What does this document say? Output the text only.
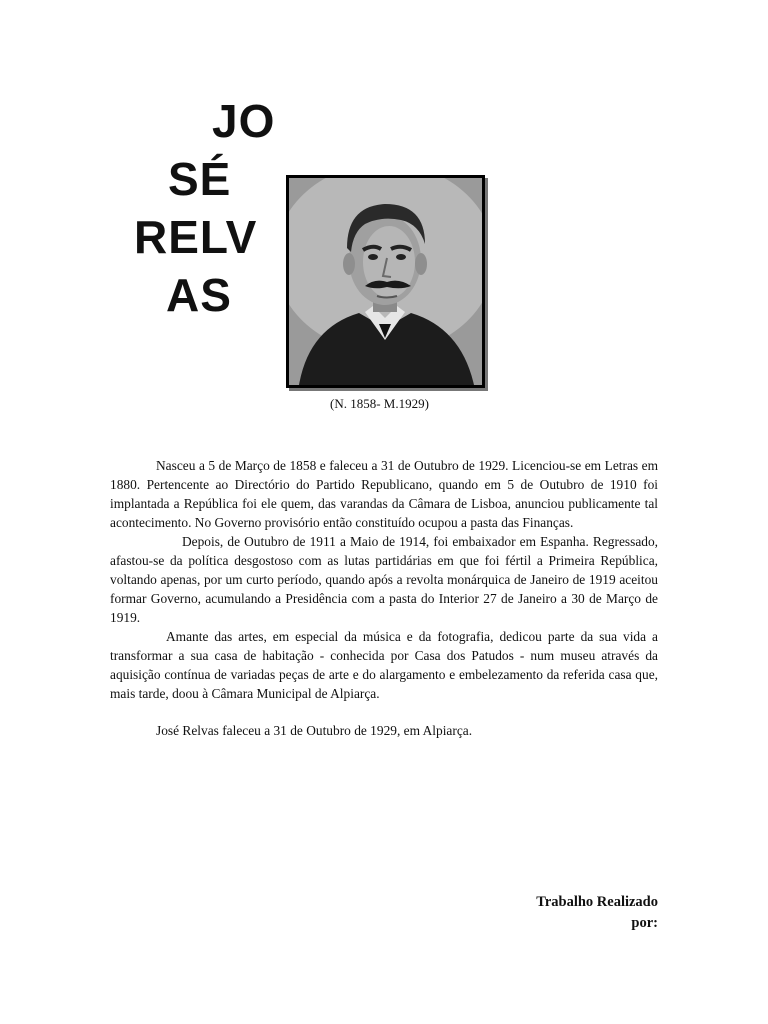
JO
SÉ
RELV
AS
(N. 1858- M.1929)

Nasceu a 5 de Março de 1858 e faleceu a 31 de Outubro de 1929. Licenciou-se em Letras em 1880. Pertencente ao Directório do Partido Republicano, quando em 5 de Outubro de 1910 foi implantada a República foi ele quem, das varandas da Câmara de Lisboa, anunciou publicamente tal acontecimento. No Governo provisório então constituído ocupou a pasta das Finanças.

Depois, de Outubro de 1911 a Maio de 1914, foi embaixador em Espanha. Regressado, afastou-se da política desgostoso com as lutas partidárias em que foi fértil a Primeira República, voltando apenas, por um curto período, quando após a revolta monárquica de Janeiro de 1919 aceitou formar Governo, acumulando a Presidência com a pasta do Interior 27 de Janeiro a 30 de Março de 1919.

Amante das artes, em especial da música e da fotografia, dedicou parte da sua vida a transformar a sua casa de habitação - conhecida por Casa dos Patudos - num museu através da aquisição contínua de variadas peças de arte e do alargamento e embelezamento da referida casa que, mais tarde, doou à Câmara Municipal de Alpiarça.

José Relvas faleceu a 31 de Outubro de 1929, em Alpiarça.

Trabalho Realizado
por:
